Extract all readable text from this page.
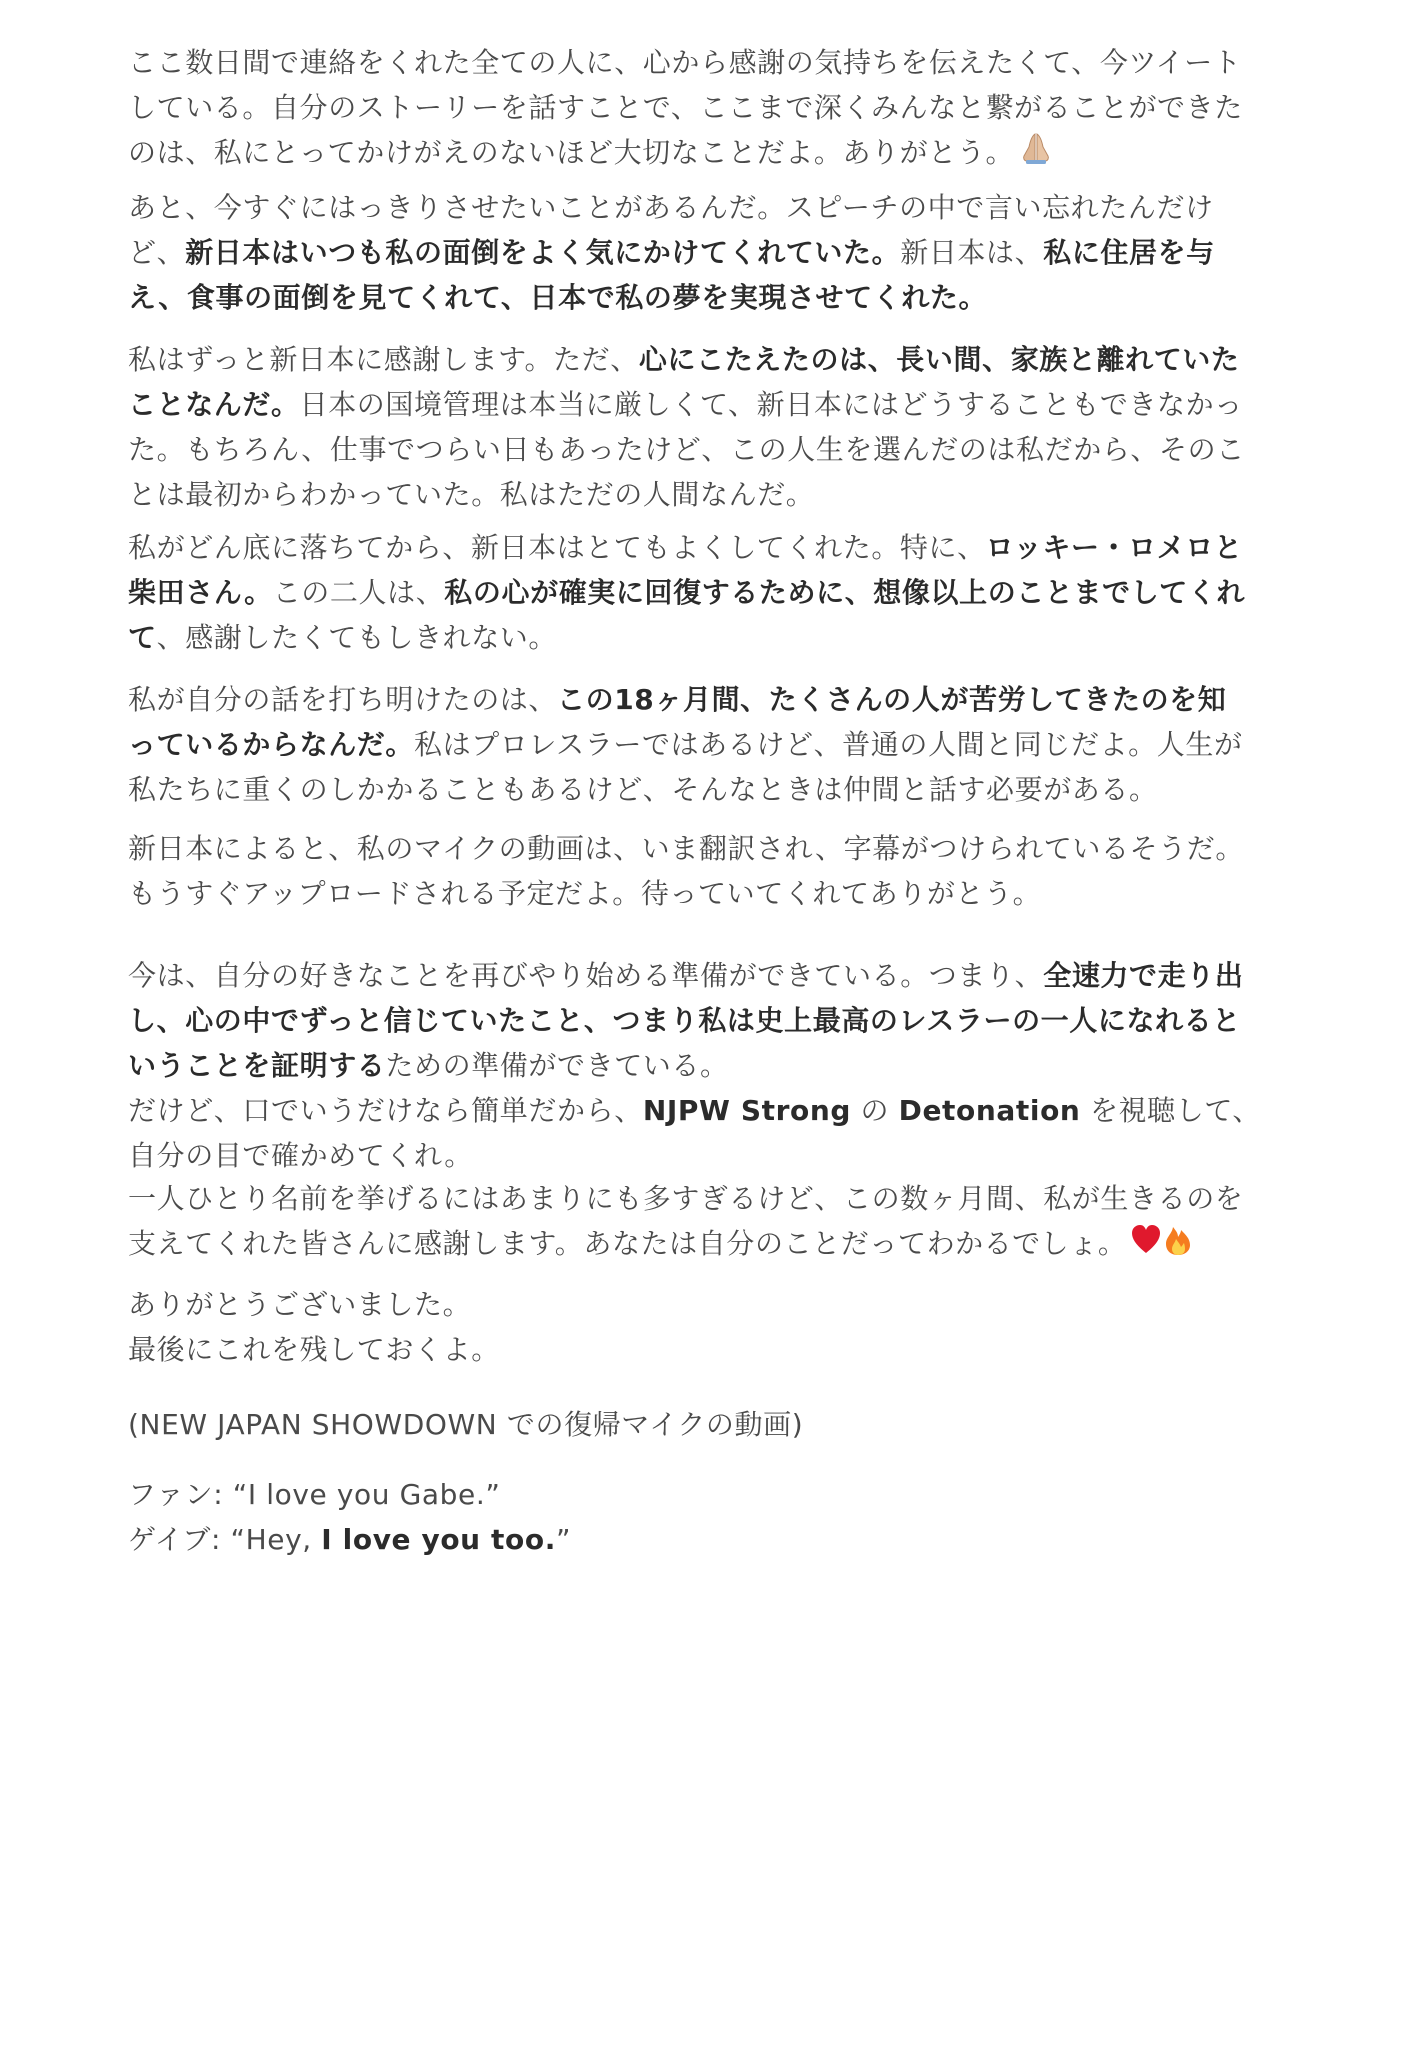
ここ数日間で連絡をくれた全ての人に、心から感謝の気持ちを伝えたくて、今ツイート
している。自分のストーリーを話すことで、ここまで深くみんなと繋がることができた
のは、私にとってかけがえのないほど大切なことだよ。ありがとう。

あと、今すぐにはっきりさせたいことがあるんだ。スピーチの中で言い忘れたんだけ
ど、新日本はいつも私の面倒をよく気にかけてくれていた。新日本は、私に住居を与
え、食事の面倒を見てくれて、日本で私の夢を実現させてくれた。

私はずっと新日本に感謝します。ただ、心にこたえたのは、長い間、家族と離れていた
ことなんだ。日本の国境管理は本当に厳しくて、新日本にはどうすることもできなかっ
た。もちろん、仕事でつらい日もあったけど、この人生を選んだのは私だから、そのこ
とは最初からわかっていた。私はただの人間なんだ。

私がどん底に落ちてから、新日本はとてもよくしてくれた。特に、ロッキー・ロメロと
柴田さん。この二人は、私の心が確実に回復するために、想像以上のことまでしてくれ
て、感謝したくてもしきれない。

私が自分の話を打ち明けたのは、この18ヶ月間、たくさんの人が苦労してきたのを知
っているからなんだ。私はプロレスラーではあるけど、普通の人間と同じだよ。人生が
私たちに重くのしかかることもあるけど、そんなときは仲間と話す必要がある。

新日本によると、私のマイクの動画は、いま翻訳され、字幕がつけられているそうだ。
もうすぐアップロードされる予定だよ。待っていてくれてありがとう。

今は、自分の好きなことを再びやり始める準備ができている。つまり、全速力で走り出
し、心の中でずっと信じていたこと、つまり私は史上最高のレスラーの一人になれると
いうことを証明するための準備ができている。
だけど、口でいうだけなら簡単だから、NJPW Strong の Detonation を視聴して、
自分の目で確かめてくれ。

一人ひとり名前を挙げるにはあまりにも多すぎるけど、この数ヶ月間、私が生きるのを
支えてくれた皆さんに感謝します。あなたは自分のことだってわかるでしょ。

ありがとうございました。
最後にこれを残しておくよ。

(NEW JAPAN SHOWDOWN での復帰マイクの動画)

ファン: “I love you Gabe.”
ゲイブ: “Hey, I love you too.”
